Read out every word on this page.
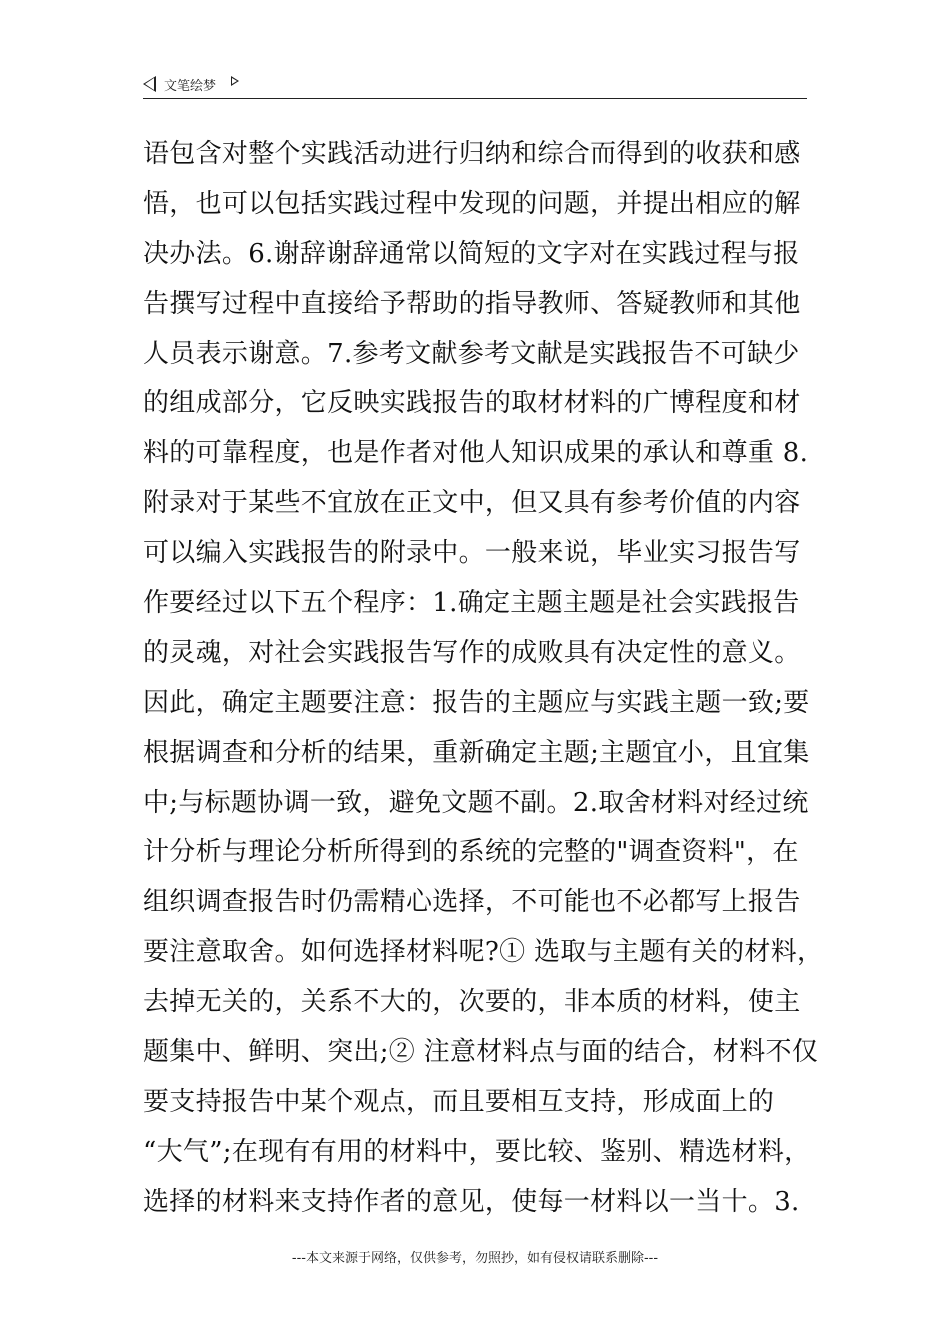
文笔绘梦
语包含对整个实践活动进行归纳和综合而得到的收获和感
悟，也可以包括实践过程中发现的问题，并提出相应的解
决办法。6.谢辞谢辞通常以简短的文字对在实践过程与报
告撰写过程中直接给予帮助的指导教师、答疑教师和其他
人员表示谢意。7.参考文献参考文献是实践报告不可缺少
的组成部分，它反映实践报告的取材材料的广博程度和材
料的可靠程度，也是作者对他人知识成果的承认和尊重 8.
附录对于某些不宜放在正文中，但又具有参考价值的内容
可以编入实践报告的附录中。一般来说，毕业实习报告写
作要经过以下五个程序：1.确定主题主题是社会实践报告
的灵魂，对社会实践报告写作的成败具有决定性的意义。
因此，确定主题要注意：报告的主题应与实践主题一致;要
根据调查和分析的结果，重新确定主题;主题宜小，且宜集
中;与标题协调一致，避免文题不副。2.取舍材料对经过统
计分析与理论分析所得到的系统的完整的"调查资料"，在
组织调查报告时仍需精心选择，不可能也不必都写上报告
要注意取舍。如何选择材料呢?① 选取与主题有关的材料，
去掉无关的，关系不大的，次要的，非本质的材料，使主
题集中、鲜明、突出;② 注意材料点与面的结合，材料不仅
要支持报告中某个观点，而且要相互支持，形成面上的
“大气”;在现有有用的材料中，要比较、鉴别、精选材料，
选择的材料来支持作者的意见，使每一材料以一当十。3.
---本文来源于网络，仅供参考，勿照抄，如有侵权请联系删除---
